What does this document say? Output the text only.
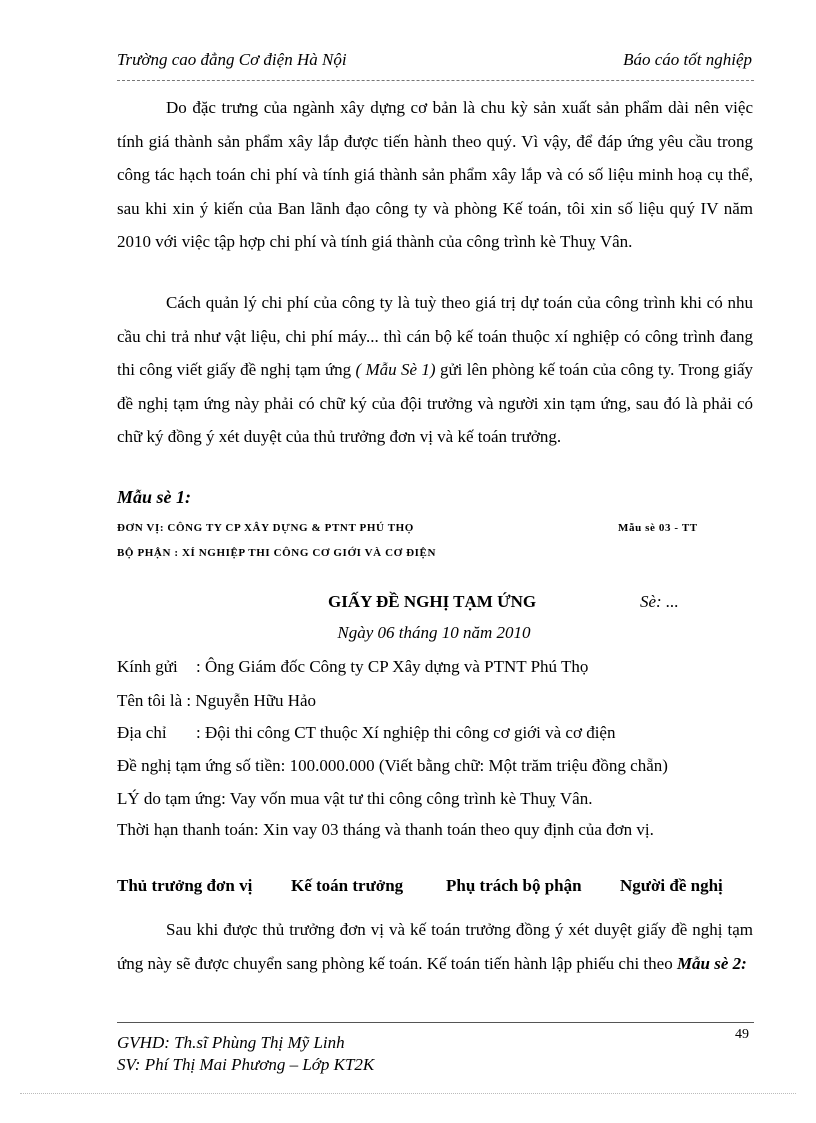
Trường cao đẳng Cơ điện Hà Nội	Báo cáo tốt nghiệp

Do đặc trưng của ngành xây dựng cơ bản là chu kỳ sản xuất sản phẩm dài nên việc tính giá thành sản phẩm xây lắp được tiến hành theo quý. Vì vậy, để đáp ứng yêu cầu trong công tác hạch toán chi phí và tính giá thành sản phẩm xây lắp và có số liệu minh hoạ cụ thể, sau khi xin ý kiến của Ban lãnh đạo công ty và phòng Kế toán, tôi xin số liệu quý IV năm 2010 với việc tập hợp chi phí và tính giá thành của công trình kè Thuỵ Vân.

Cách quản lý chi phí của công ty là tuỳ theo giá trị dự toán của công trình khi có nhu cầu chi trả như vật liệu, chi phí máy... thì cán bộ kế toán thuộc xí nghiệp có công trình đang thi công viết giấy đề nghị tạm ứng ( Mẫu Sè 1) gửi lên phòng kế toán của công ty. Trong giấy đề nghị tạm ứng này phải có chữ ký của đội trưởng và người xin tạm ứng, sau đó là phải có chữ ký đồng ý xét duyệt của thủ trưởng đơn vị và kế toán trưởng.

Mẫu sè 1:
ĐƠN VỊ: CÔNG TY CP XÂY DỰNG & PTNT PHÚ THỌ	Mẫu sè 03 - TT
BỘ PHẬN : XÍ NGHIỆP THI CÔNG CƠ GIỚI VÀ CƠ ĐIỆN
GIẤY ĐỀ NGHỊ TẠM ỨNG	Sè: ...
Ngày 06 tháng 10 năm 2010
Kính gửi : Ông Giám đốc Công ty CP Xây dựng và PTNT Phú Thọ
Tên tôi là : Nguyễn Hữu Hảo
Địa chỉ : Đội thi công CT thuộc Xí nghiệp thi công cơ giới và cơ điện
Đề nghị tạm ứng số tiền: 100.000.000 (Viết bằng chữ: Một trăm triệu đồng chẵn)
LÝ do tạm ứng: Vay vốn mua vật tư thi công công trình kè Thuỵ Vân.
Thời hạn thanh toán: Xin vay 03 tháng và thanh toán theo quy định của đơn vị.
Thủ trưởng đơn vị Kế toán trưởng	Phụ trách bộ phận Người đề nghị

Sau khi được thủ trưởng đơn vị và kế toán trưởng đồng ý xét duyệt giấy đề nghị tạm ứng này sẽ được chuyển sang phòng kế toán. Kế toán tiến hành lập phiếu chi theo Mẫu sè 2:

49
GVHD: Th.sĩ Phùng Thị Mỹ Linh
SV: Phí Thị Mai Phương – Lớp KT2K
